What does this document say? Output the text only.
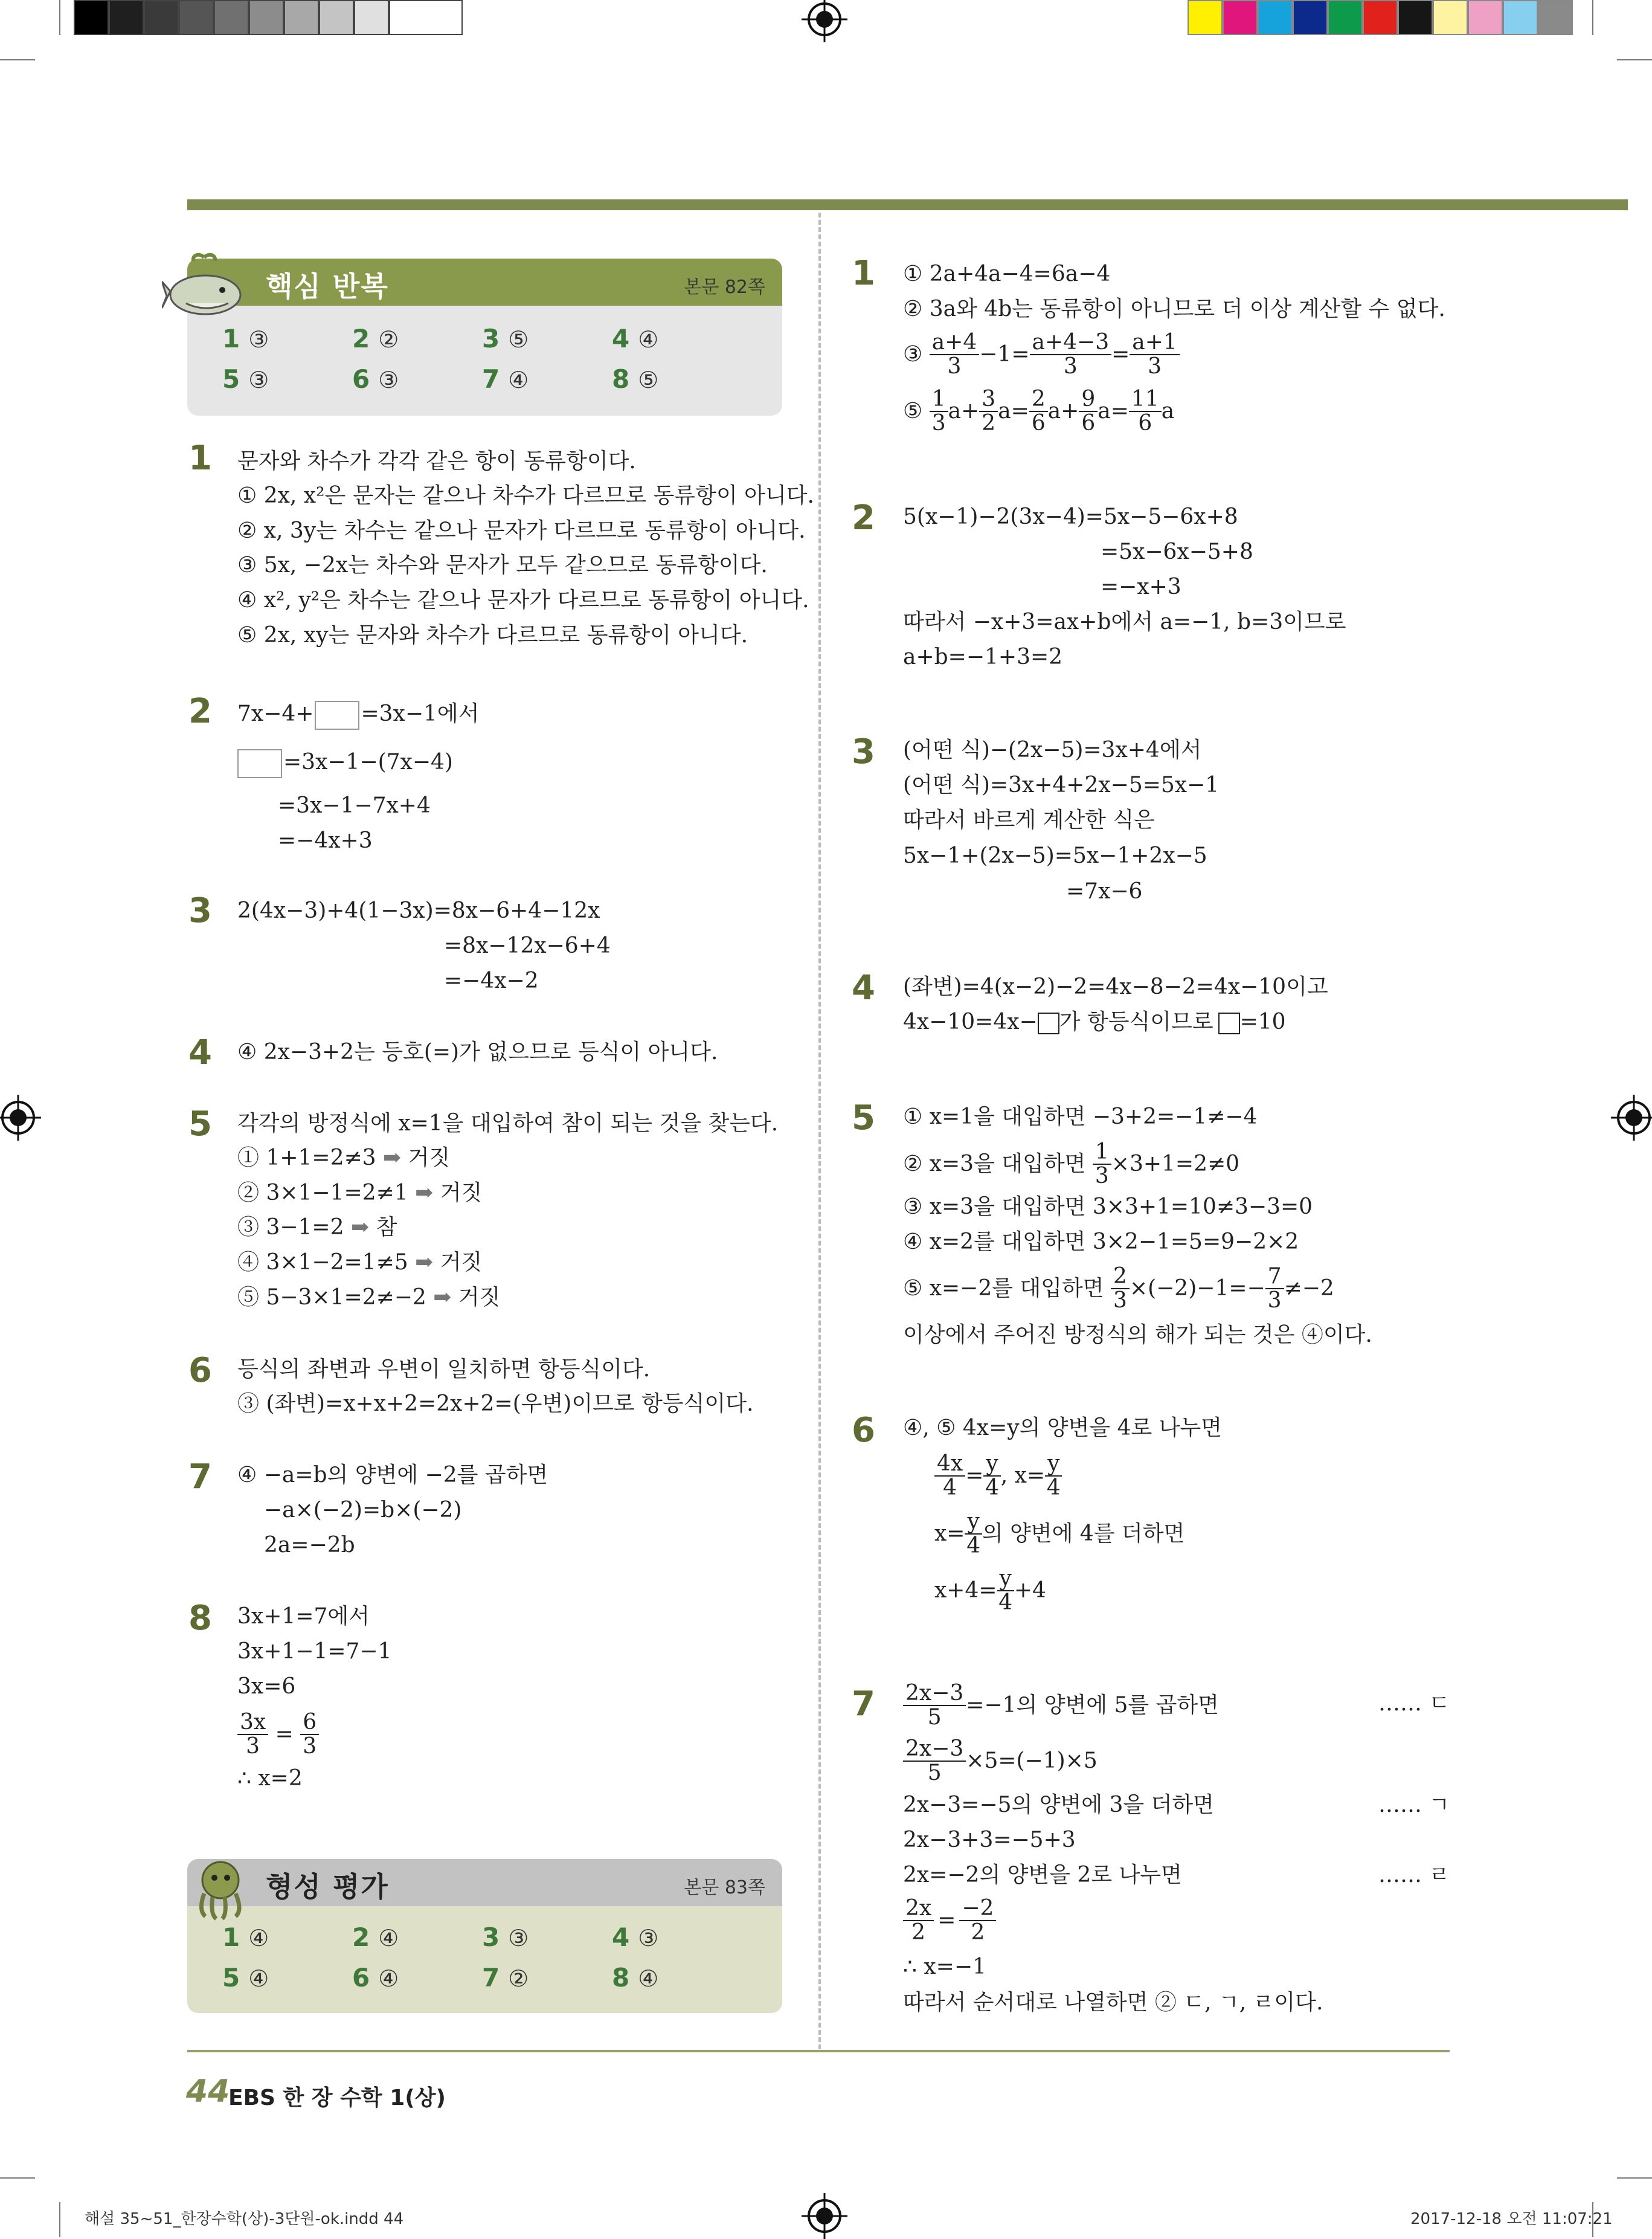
핵심 반복	본문 82쪽
1 ③	2 ②	3 ⑤	4 ④
5 ③	6 ③	7 ④	8 ⑤
형성 평가	본문 83쪽
1 ④	2 ④	3 ③	4 ③
5 ④	6 ④	7 ②	8 ④
1 문자와 차수가 각각 같은 항이 동류항이다.
① 2x, x²은 문자는 같으나 차수가 다르므로 동류항이 아니다.
② x, 3y는 차수는 같으나 문자가 다르므로 동류항이 아니다.
③ 5x, −2x는 차수와 문자가 모두 같으므로 동류항이다.
④ x², y²은 차수는 같으나 문자가 다르므로 동류항이 아니다.
⑤ 2x, xy는 문자와 차수가 다르므로 동류항이 아니다.
2 7x−4+ =3x−1에서
=3x−1−(7x−4)
=3x−1−7x+4
=−4x+3
3 2(4x−3)+4(1−3x)=8x−6+4−12x
=8x−12x−6+4
=−4x−2
4 ④ 2x−3+2는 등호(=)가 없으므로 등식이 아니다.
5 각각의 방정식에 x=1을 대입하여 참이 되는 것을 찾는다.
① 1+1=2≠3 ➡ 거짓
② 3×1−1=2≠1 ➡ 거짓
③ 3−1=2 ➡ 참
④ 3×1−2=1≠5 ➡ 거짓
⑤ 5−3×1=2≠−2 ➡ 거짓
6 등식의 좌변과 우변이 일치하면 항등식이다.
③ (좌변)=x+x+2=2x+2=(우변)이므로 항등식이다.
7 ④ −a=b의 양변에 −2를 곱하면
−a×(−2)=b×(−2)
2a=−2b
8 3x+1=7에서
3x+1−1=7−1
3x=6
$\frac{3x}{3} = \frac{6}{3}$
∴ x=2
1 ① 2a+4a−4=6a−4
② 3a와 4b는 동류항이 아니므로 더 이상 계산할 수 없다.
③ $\frac{a+4}{3} -1= \frac{a+4-3}{3} = \frac{a+1}{3}$
⑤ $\frac{1}{3} a+ \frac{3}{2} a= \frac{2}{6} a+ \frac{9}{6} a= \frac{11}{6}$ a
2 5(x−1)−2(3x−4)=5x−5−6x+8
=5x−6x−5+8
=−x+3
따라서 −x+3=ax+b에서 a=−1, b=3이므로
a+b=−1+3=2
3 (어떤 식)−(2x−5)=3x+4에서
(어떤 식)=3x+4+2x−5=5x−1
따라서 바르게 계산한 식은
5x−1+(2x−5)=5x−1+2x−5
=7x−6
4 (좌변)=4(x−2)−2=4x−8−2=4x−10이고
4x−10=4x− 가 항등식이므로 =10
5 ① x=1을 대입하면 −3+2=−1≠−4
② x=3을 대입하면 $\frac{1}{3} \times 3+1=2\ne 0$
③ x=3을 대입하면 3×3+1=10≠3−3=0
④ x=2를 대입하면 3×2−1=5=9−2×2
⑤ x=−2를 대입하면 $\frac{2}{3} \times(-2)-1=- \frac{7}{3} \ne-2$
이상에서 주어진 방정식의 해가 되는 것은 ④이다.
6 ④, ⑤ 4x=y의 양변을 4로 나누면
$\frac{4x}{4} = \frac{y}{4}$ , $x= \frac{y}{4}$
$x= \frac{y}{4}$ 의 양변에 4를 더하면
$x+4= \frac{y}{4} +4$
$7 \frac{2x-3}{5} =-1$의 양변에 5를 곱하면	…… ㄷ
$\frac{2x-3}{5} \times 5=(-1)\times 5$
2x−3=−5의 양변에 3을 더하면	…… ㄱ
2x−3+3=−5+3
2x=−2의 양변을 2로 나누면	…… ㄹ
$\frac{2x}{2} = \frac{-2}{2}$
∴ x=−1
따라서 순서대로 나열하면 ② ㄷ, ㄱ, ㄹ이다.
44
EBS 한 장 수학 1(상)
해설 35~51_한장수학(상)-3단원-ok.indd 44	2017-12-18 오전 11:07:21
